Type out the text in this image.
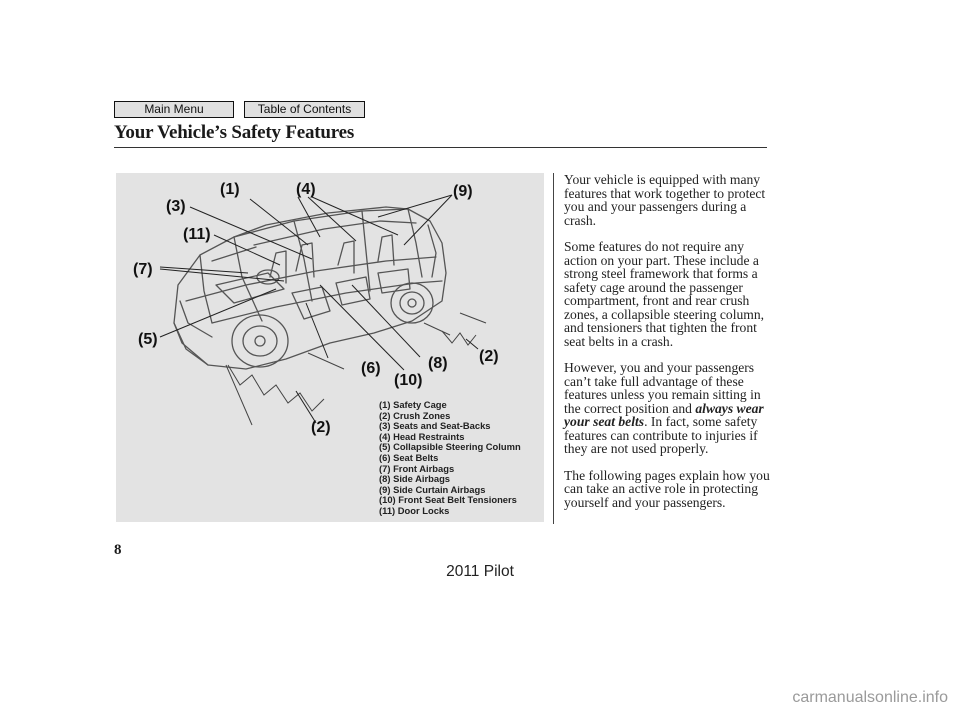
Main Menu	Table of Contents
Your Vehicle’s Safety Features
(1)	(4)	(9)
(3)
(11)
(7)
(5)
(2)
(6)	(8)
(10)
(2)
(1) Safety Cage
(2) Crush Zones
(3) Seats and Seat-Backs
(4) Head Restraints
(5) Collapsible Steering Column
(6) Seat Belts
(7) Front Airbags
(8) Side Airbags
(9) Side Curtain Airbags
(10) Front Seat Belt Tensioners
(11) Door Locks

Your vehicle is equipped with many features that work together to protect you and your passengers during a crash.

Some features do not require any action on your part. These include a strong steel framework that forms a safety cage around the passenger compartment, front and rear crush zones, a collapsible steering column, and tensioners that tighten the front seat belts in a crash.

However, you and your passengers can’t take full advantage of these features unless you remain sitting in the correct position and always wear your seat belts. In fact, some safety features can contribute to injuries if they are not used properly.

The following pages explain how you can take an active role in protecting yourself and your passengers.

8
2011 Pilot
carmanualsonline.info
